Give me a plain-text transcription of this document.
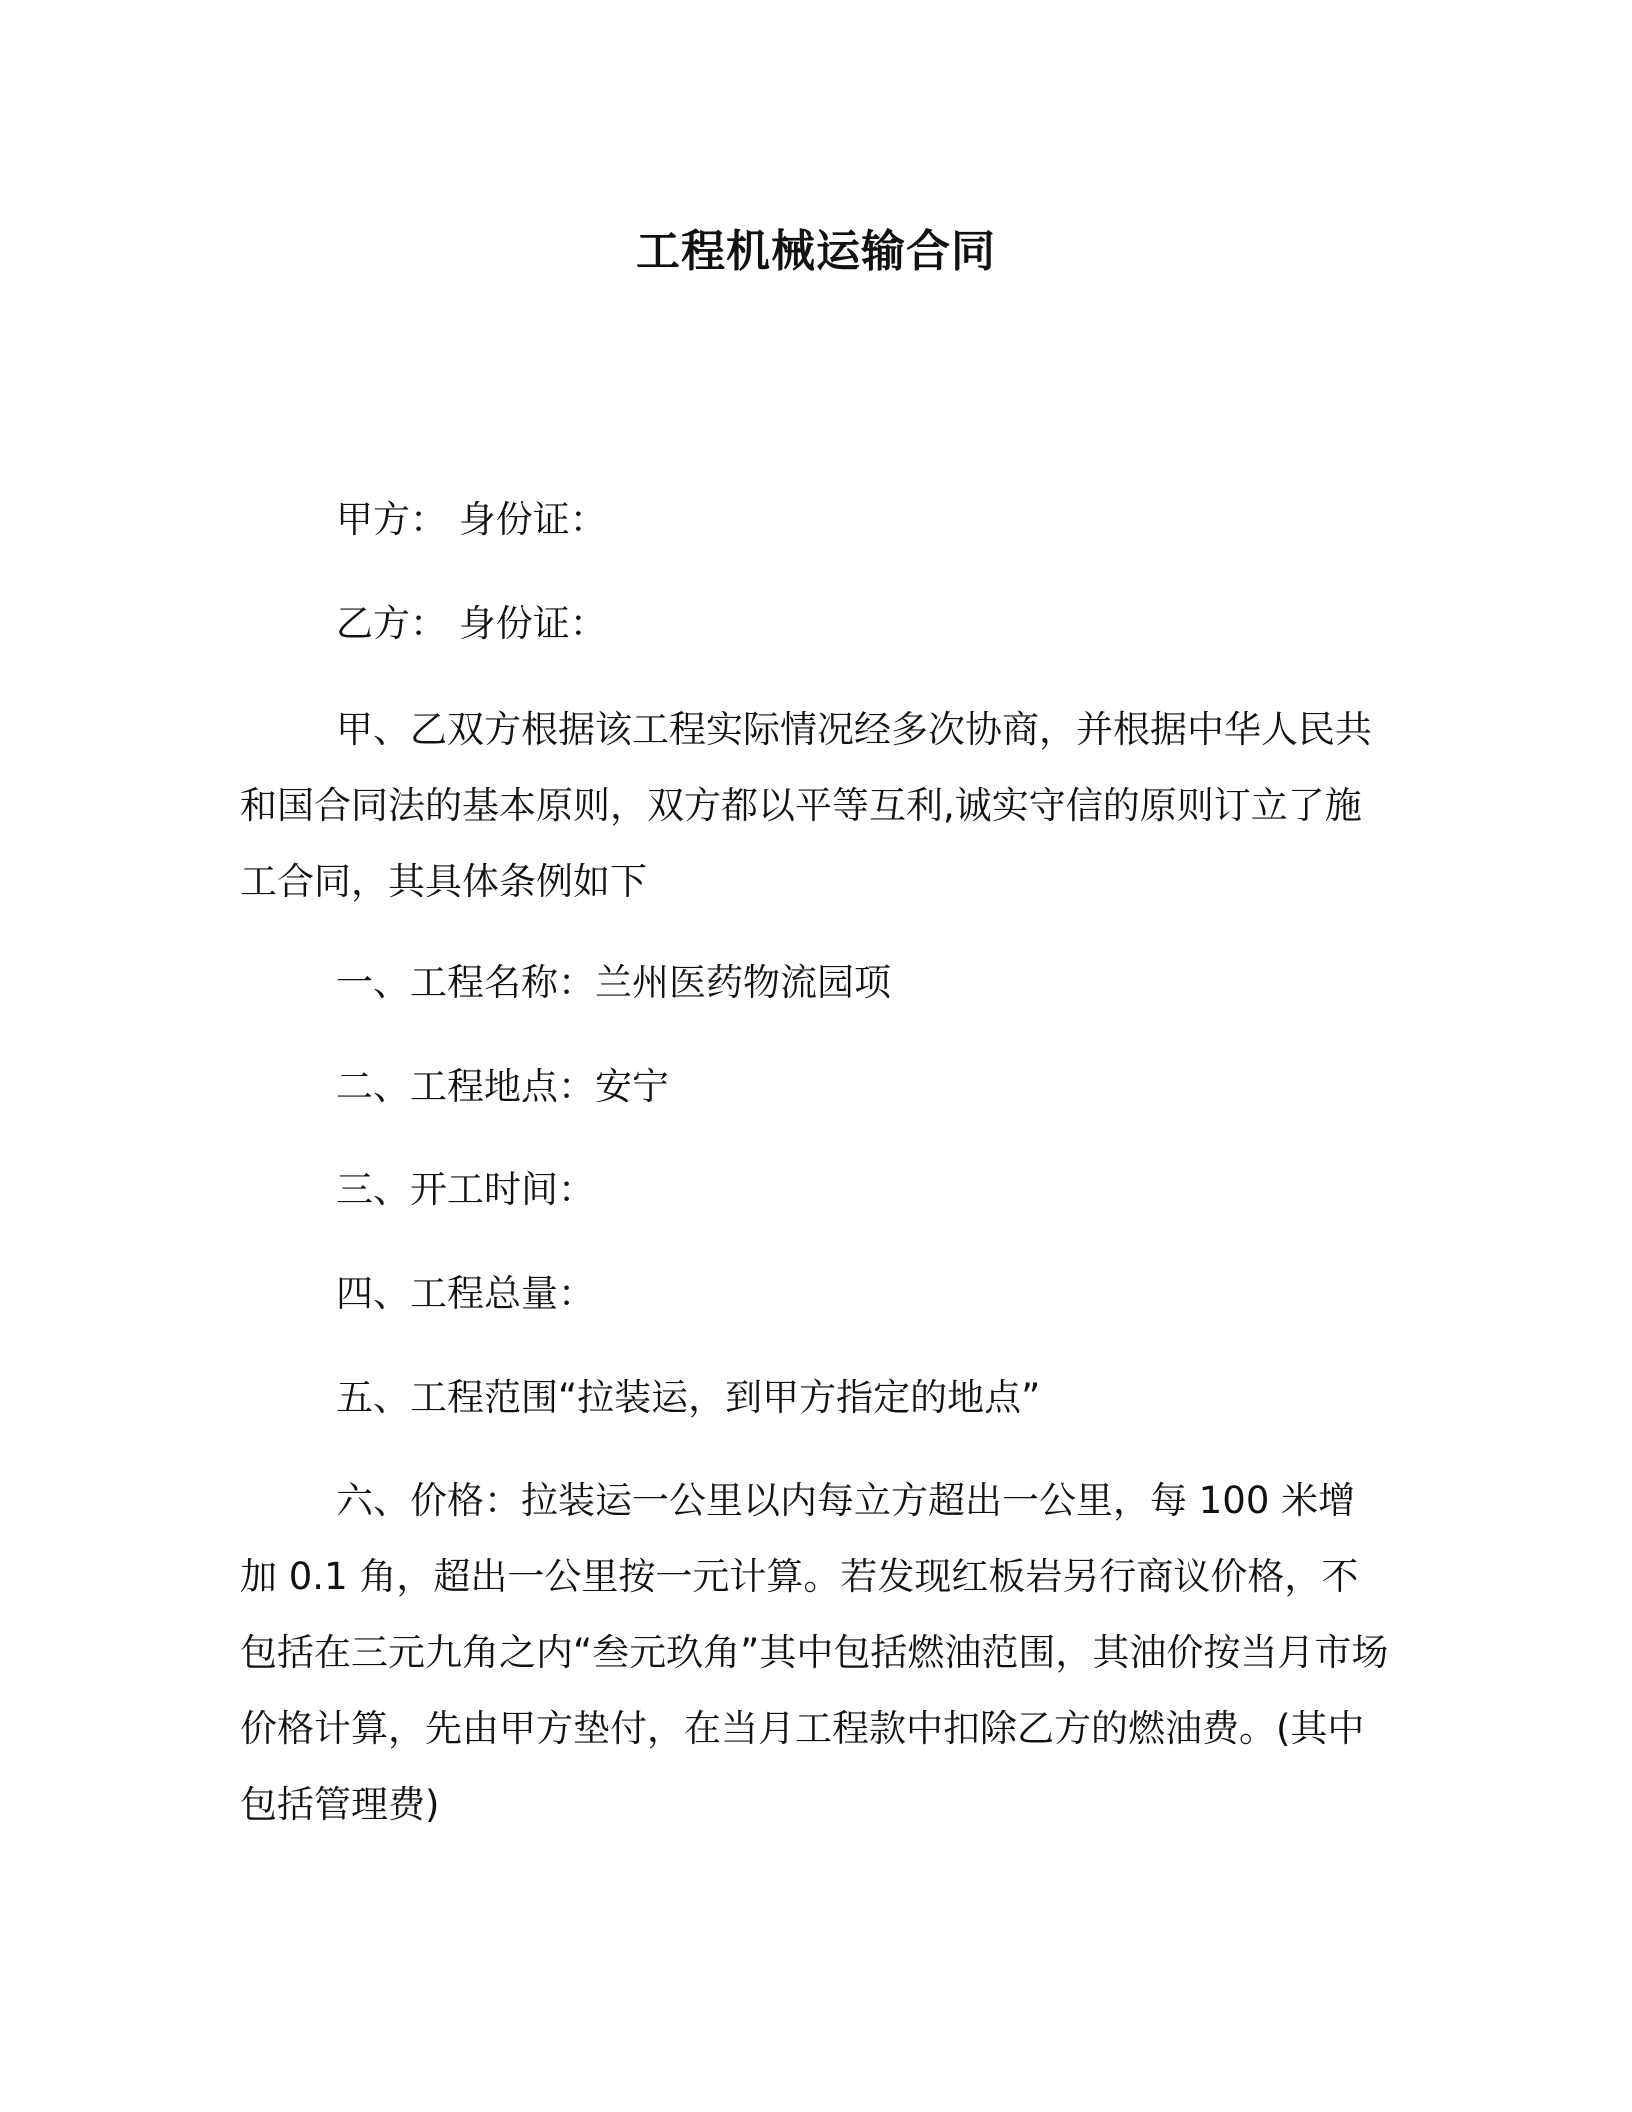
工程机械运输合同

甲方： 身份证：

乙方： 身份证：

甲、乙双方根据该工程实际情况经多次协商，并根据中华人民共和国合同法的基本原则，双方都以平等互利,诚实守信的原则订立了施工合同，其具体条例如下

一、工程名称：兰州医药物流园项

二、工程地点：安宁

三、开工时间：

四、工程总量：

五、工程范围“拉装运，到甲方指定的地点”

六、价格：拉装运一公里以内每立方超出一公里，每 100 米增加 0.1 角，超出一公里按一元计算。若发现红板岩另行商议价格，不包括在三元九角之内“叁元玖角”其中包括燃油范围，其油价按当月市场价格计算，先由甲方垫付，在当月工程款中扣除乙方的燃油费。(其中包括管理费)
